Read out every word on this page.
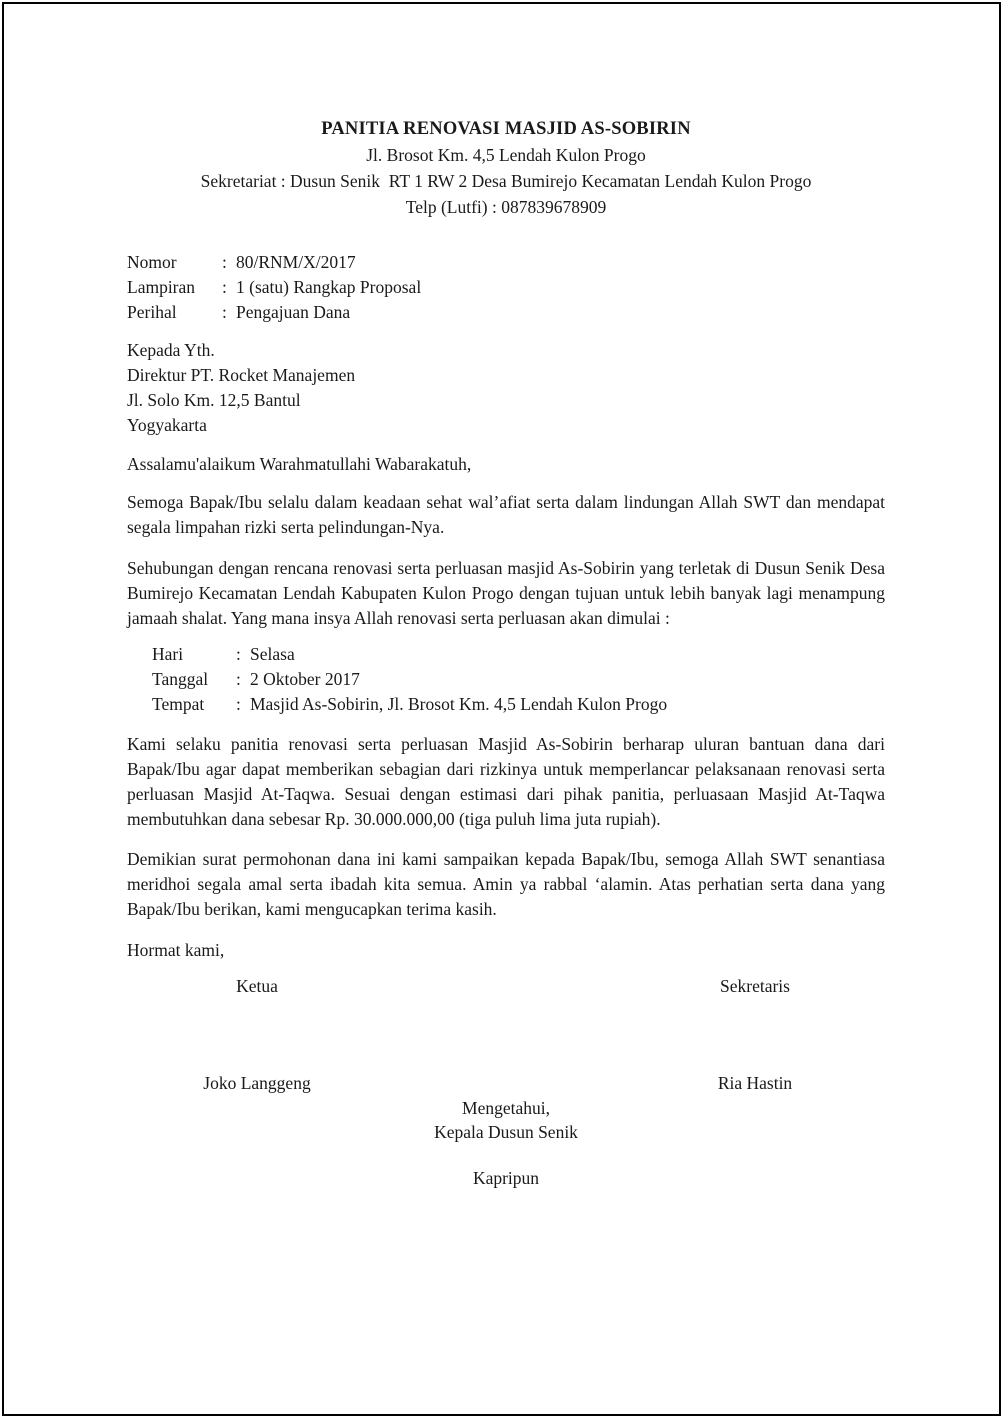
PANITIA RENOVASI MASJID AS-SOBIRIN
Jl. Brosot Km. 4,5 Lendah Kulon Progo
Sekretariat : Dusun Senik  RT 1 RW 2 Desa Bumirejo Kecamatan Lendah Kulon Progo
Telp (Lutfi) : 087839678909
Nomor	: 80/RNM/X/2017
Lampiran	: 1 (satu) Rangkap Proposal
Perihal	: Pengajuan Dana
Kepada Yth.
Direktur PT. Rocket Manajemen
Jl. Solo Km. 12,5 Bantul
Yogyakarta
Assalamu'alaikum Warahmatullahi Wabarakatuh,

Semoga Bapak/Ibu selalu dalam keadaan sehat wal’afiat serta dalam lindungan Allah SWT dan mendapat segala limpahan rizki serta pelindungan-Nya.

Sehubungan dengan rencana renovasi serta perluasan masjid As-Sobirin yang terletak di Dusun Senik Desa Bumirejo Kecamatan Lendah Kabupaten Kulon Progo dengan tujuan untuk lebih banyak lagi menampung jamaah shalat. Yang mana insya Allah renovasi serta perluasan akan dimulai :

Hari	: Selasa
Tanggal	: 2 Oktober 2017
Tempat	: Masjid As-Sobirin, Jl. Brosot Km. 4,5 Lendah Kulon Progo

Kami selaku panitia renovasi serta perluasan Masjid As-Sobirin berharap uluran bantuan dana dari Bapak/Ibu agar dapat memberikan sebagian dari rizkinya untuk memperlancar pelaksanaan renovasi serta perluasan Masjid At-Taqwa. Sesuai dengan estimasi dari pihak panitia, perluasaan Masjid At-Taqwa membutuhkan dana sebesar Rp. 30.000.000,00 (tiga puluh lima juta rupiah).

Demikian surat permohonan dana ini kami sampaikan kepada Bapak/Ibu, semoga Allah SWT senantiasa meridhoi segala amal serta ibadah kita semua. Amin ya rabbal ‘alamin. Atas perhatian serta dana yang Bapak/Ibu berikan, kami mengucapkan terima kasih.

Hormat kami,
Ketua	Sekretaris
Joko Langgeng	Ria Hastin
Mengetahui,
Kepala Dusun Senik
Kapripun
